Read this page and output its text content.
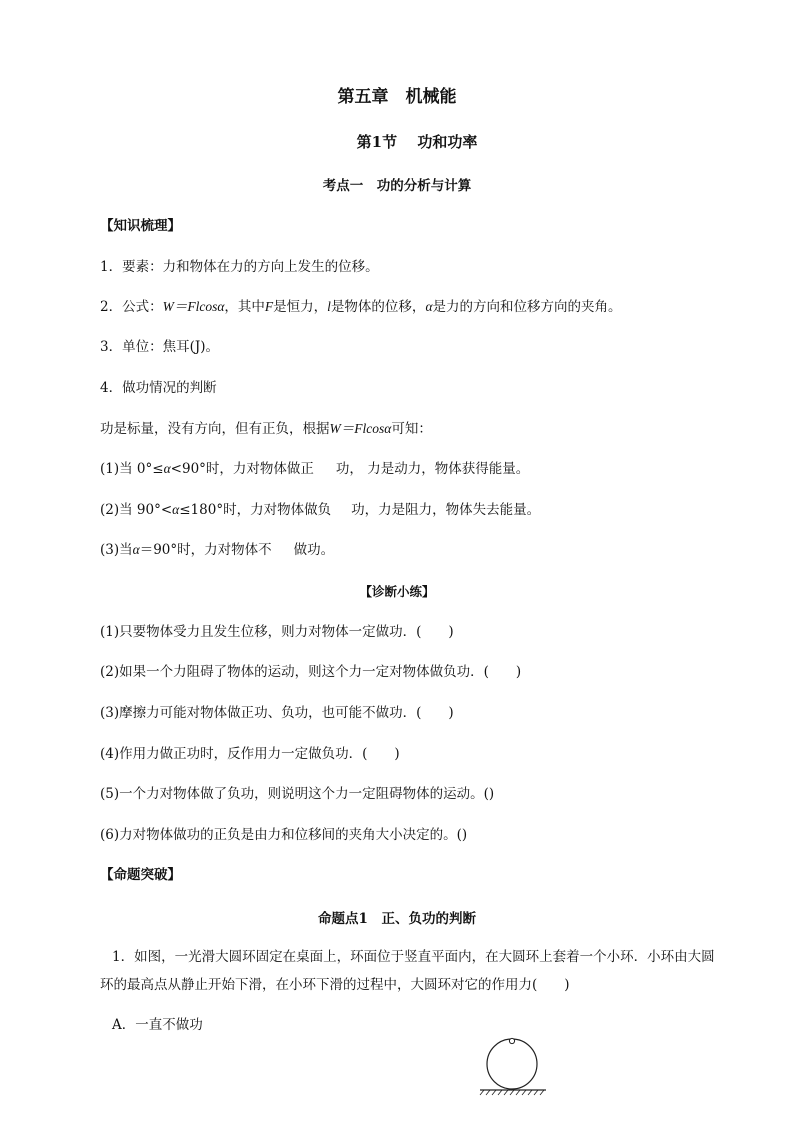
第五章　机械能
第1节　 功和功率
考点一　功的分析与计算
【知识梳理】
1．要素：力和物体在力的方向上发生的位移。
2．公式：W＝Flcosα，其中F是恒力，l是物体的位移，α是力的方向和位移方向的夹角。
3．单位：焦耳(J)。
4．做功情况的判断
功是标量，没有方向，但有正负，根据W＝Flcosα可知：
(1)当 0°≤α<90°时，力对物体做正 功， 力是动力，物体获得能量。
(2)当 90°<α≤180°时，力对物体做负 功，力是阻力，物体失去能量。
(3)当α＝90°时，力对物体不 做功。
【诊断小练】
(1)只要物体受力且发生位移，则力对物体一定做功．(　　)
(2)如果一个力阻碍了物体的运动，则这个力一定对物体做负功．(　　)
(3)摩擦力可能对物体做正功、负功，也可能不做功．(　　)
(4)作用力做正功时，反作用力一定做负功．(　　)
(5)一个力对物体做了负功，则说明这个力一定阻碍物体的运动。()
(6)力对物体做功的正负是由力和位移间的夹角大小决定的。()
【命题突破】
命题点1　正、负功的判断
1．如图，一光滑大圆环固定在桌面上，环面位于竖直平面内，在大圆环上套着一个小环．小环由大圆
环的最高点从静止开始下滑，在小环下滑的过程中，大圆环对它的作用力(　　)
A．一直不做功
